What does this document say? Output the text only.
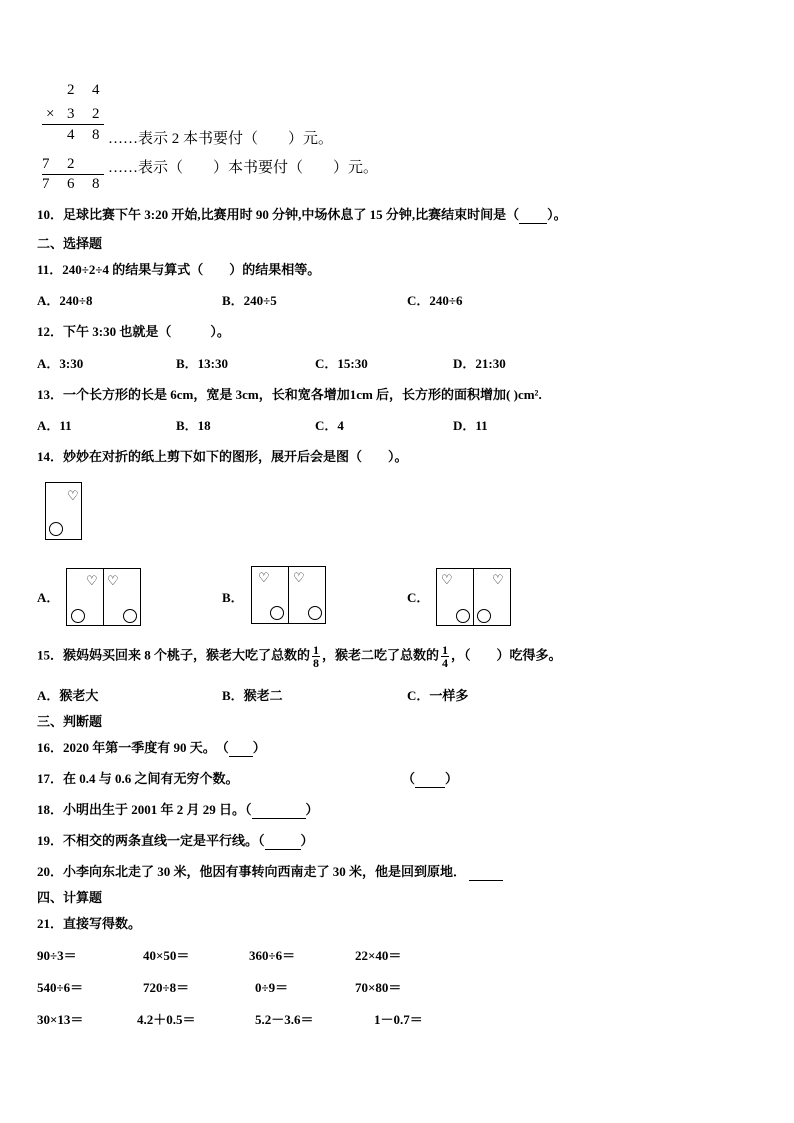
2 4
× 3 2
4 8 ……表示 2 本书要付（　　）元。
7 2 ……表示（　　）本书要付（　　）元。
7 6 8
10．足球比赛下午 3:20 开始,比赛用时 90 分钟,中场休息了 15 分钟,比赛结束时间是（ ）。
二、选择题
11．240÷2÷4 的结果与算式（　　）的结果相等。
A．240÷8	B．240÷5	C．240÷6
12．下午 3:30 也就是（　　　）。
A．3:30	B．13:30	C．15:30	D．21:30
13．一个长方形的长是 6cm，宽是 3cm，长和宽各增加1cm 后，长方形的面积增加( )cm².
A．11	B．18	C．4	D．11
14．妙妙在对折的纸上剪下如下的图形，展开后会是图（　　）。
♡
A．
♡ ♡
B．
♡ ♡
C．
♡	♡
15．猴妈妈买回来 8 个桃子，猴老大吃了总数的 $\frac{1}{8}$ ，猴老二吃了总数的 $\frac{1}{4}$ ，（　　）吃得多。
A．猴老大	B．猴老二	C．一样多
三、判断题
16．2020 年第一季度有 90 天。　（ ）
17．在 0.4 与 0.6 之间有无穷个数。	（ ）
18．小明出生于 2001 年 2 月 29 日。（	）
19．不相交的两条直线一定是平行线。（	）
20．小李向东北走了 30 米，他因有事转向西南走了 30 米，他是回到原地．
四、计算题
21．直接写得数。
90÷3＝	40×50＝	360÷6＝	22×40＝
540÷6＝	720÷8＝	0÷9＝	70×80＝
30×13＝	4.2＋0.5＝	5.2－3.6＝	1－0.7＝
